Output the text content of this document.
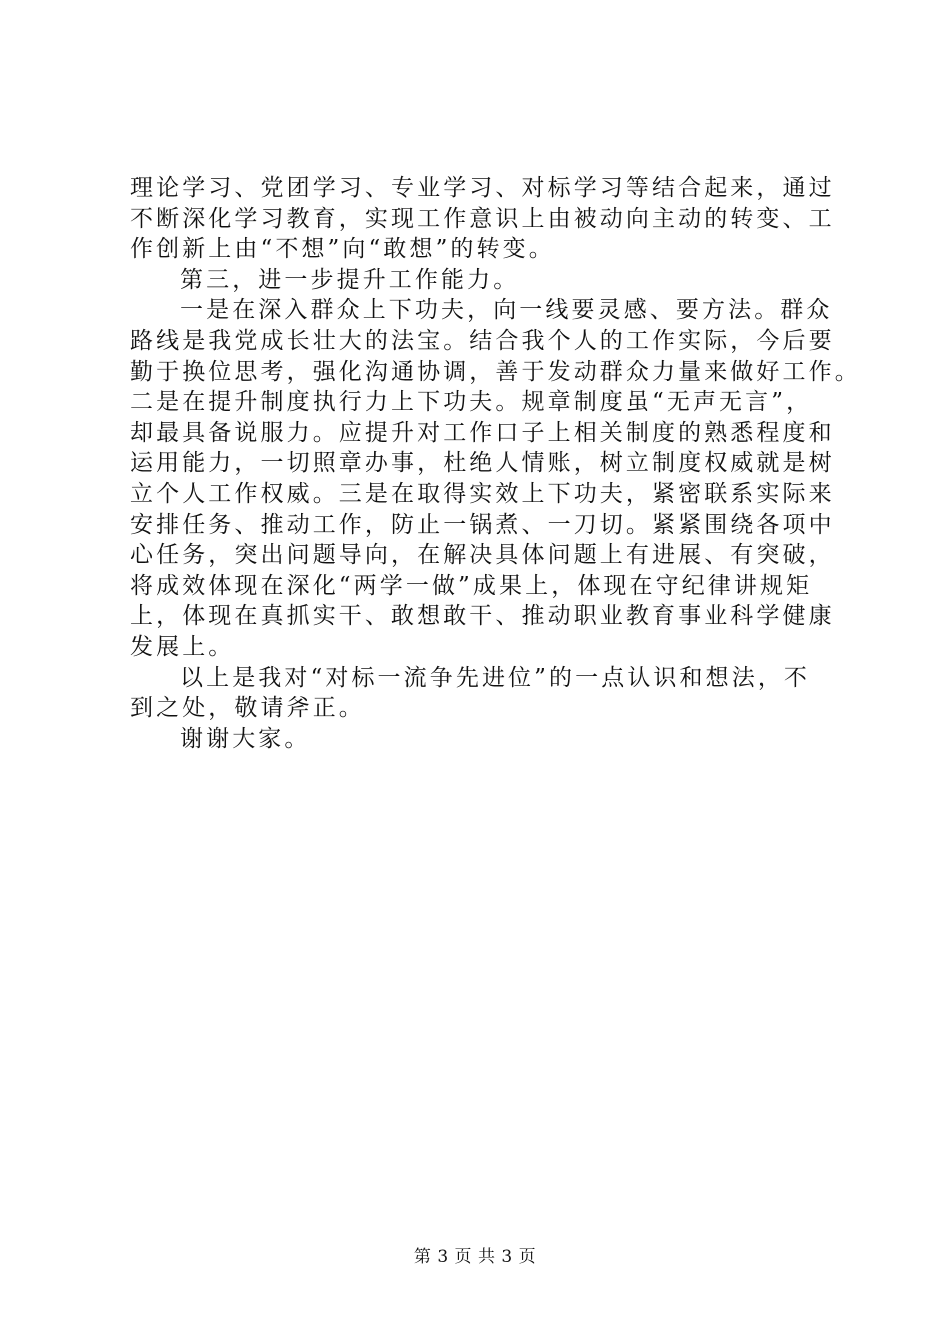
理论学习、党团学习、专业学习、对标学习等结合起来，通过
不断深化学习教育，实现工作意识上由被动向主动的转变、工
作创新上由“不想”向“敢想”的转变。
第三，进一步提升工作能力。
一是在深入群众上下功夫，向一线要灵感、要方法。群众
路线是我党成长壮大的法宝。结合我个人的工作实际，今后要
勤于换位思考，强化沟通协调，善于发动群众力量来做好工作。
二是在提升制度执行力上下功夫。规章制度虽“无声无言”，
却最具备说服力。应提升对工作口子上相关制度的熟悉程度和
运用能力，一切照章办事，杜绝人情账，树立制度权威就是树
立个人工作权威。三是在取得实效上下功夫，紧密联系实际来
安排任务、推动工作，防止一锅煮、一刀切。紧紧围绕各项中
心任务，突出问题导向，在解决具体问题上有进展、有突破，
将成效体现在深化“两学一做”成果上，体现在守纪律讲规矩
上，体现在真抓实干、敢想敢干、推动职业教育事业科学健康
发展上。
以上是我对“对标一流争先进位”的一点认识和想法，不
到之处，敬请斧正。
谢谢大家。
第 3 页 共 3 页
